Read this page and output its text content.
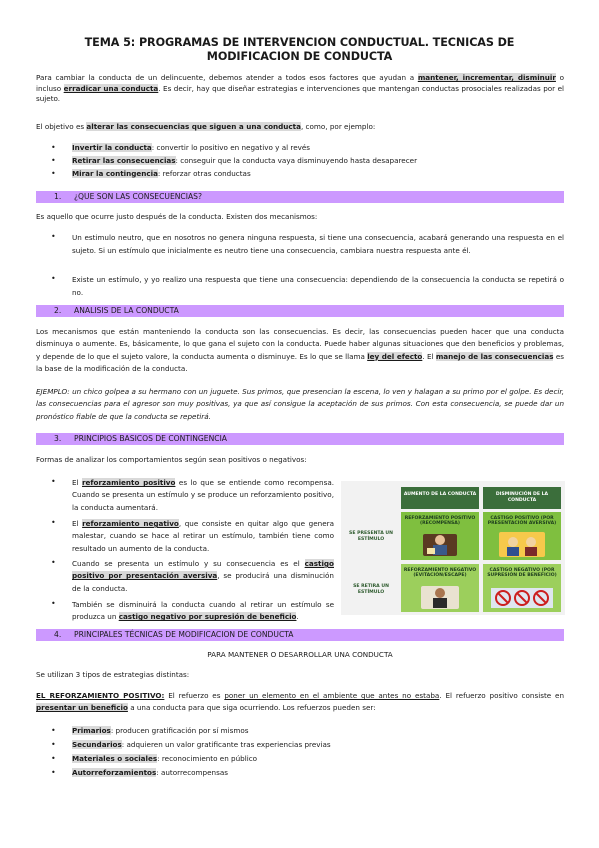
TEMA 5: PROGRAMAS DE INTERVENCION CONDUCTUAL. TECNICAS DE
MODIFICACION DE CONDUCTA
Para cambiar la conducta de un delincuente, debemos atender a todos esos factores que ayudan a mantener, incrementar, disminuir o incluso erradicar una conducta. Es decir, hay que diseñar estrategias e intervenciones que mantengan conductas prosociales realizadas por el sujeto.
El objetivo es alterar las consecuencias que siguen a una conducta, como, por ejemplo:
• Invertir la conducta: convertir lo positivo en negativo y al revés
• Retirar las consecuencias: conseguir que la conducta vaya disminuyendo hasta desaparecer
• Mirar la contingencia: reforzar otras conductas
1. ¿QUE SON LAS CONSECUENCIAS?
Es aquello que ocurre justo después de la conducta. Existen dos mecanismos:
• Un estimulo neutro, que en nosotros no genera ninguna respuesta, si tiene una consecuencia, acabará generando una respuesta en el sujeto. Si un estímulo que inicialmente es neutro tiene una consecuencia, cambiara nuestra respuesta ante él.
• Existe un estímulo, y yo realizo una respuesta que tiene una consecuencia: dependiendo de la consecuencia la conducta se repetirá o no.
2. ANALISIS DE LA CONDUCTA
Los mecanismos que están manteniendo la conducta son las consecuencias. Es decir, las consecuencias pueden hacer que una conducta disminuya o aumente. Es, básicamente, lo que gana el sujeto con la conducta. Puede haber algunas situaciones que den beneficios y problemas, y depende de lo que el sujeto valore, la conducta aumenta o disminuye. Es lo que se llama ley del efecto. El manejo de las consecuencias es la base de la modificación de la conducta.
EJEMPLO: un chico golpea a su hermano con un juguete. Sus primos, que presencian la escena, lo ven y halagan a su primo por el golpe. Es decir, las consecuencias para el agresor son muy positivas, ya que así consigue la aceptación de sus primos. Con esta consecuencia, se puede dar un pronóstico fiable de que la conducta se repetirá.
3. PRINCIPIOS BASICOS DE CONTINGENCIA
Formas de analizar los comportamientos según sean positivos o negativos:
• El reforzamiento positivo es lo que se entiende como recompensa. Cuando se presenta un estímulo y se produce un reforzamiento positivo, la conducta aumentará.
• El reforzamiento negativo, que consiste en quitar algo que genera malestar, cuando se hace al retirar un estímulo, también tiene como resultado un aumento de la conducta.
• Cuando se presenta un estímulo y su consecuencia es el castigo positivo por presentación aversiva, se producirá una disminución de la conducta.
• También se disminuirá la conducta cuando al retirar un estímulo se produzca un castigo negativo por supresión de beneficio.
AUMENTO DE LA CONDUCTA	DISMINUCIÓN DE LA CONDUCTA
SE PRESENTA UN ESTÍMULO
SE RETIRA UN ESTÍMULO
REFORZAMIENTO POSITIVO (RECOMPENSA)
CASTIGO POSITIVO (POR PRESENTACIÓN AVERSIVA)
REFORZAMIENTO NEGATIVO (EVITACIÓN/ESCAPE)
CASTIGO NEGATIVO (POR SUPRESIÓN DE BENEFICIO)
4. PRINCIPALES TÉCNICAS DE MODIFICACION DE CONDUCTA
PARA MANTENER O DESARROLLAR UNA CONDUCTA
Se utilizan 3 tipos de estrategias distintas:
EL REFORZAMIENTO POSITIVO: El refuerzo es poner un elemento en el ambiente que antes no estaba. El refuerzo positivo consiste en presentar un beneficio a una conducta para que siga ocurriendo. Los refuerzos pueden ser:
• Primarios: producen gratificación por sí mismos
• Secundarios: adquieren un valor gratificante tras experiencias previas
• Materiales o sociales: reconocimiento en público
• Autorreforzamientos: autorrecompensas
